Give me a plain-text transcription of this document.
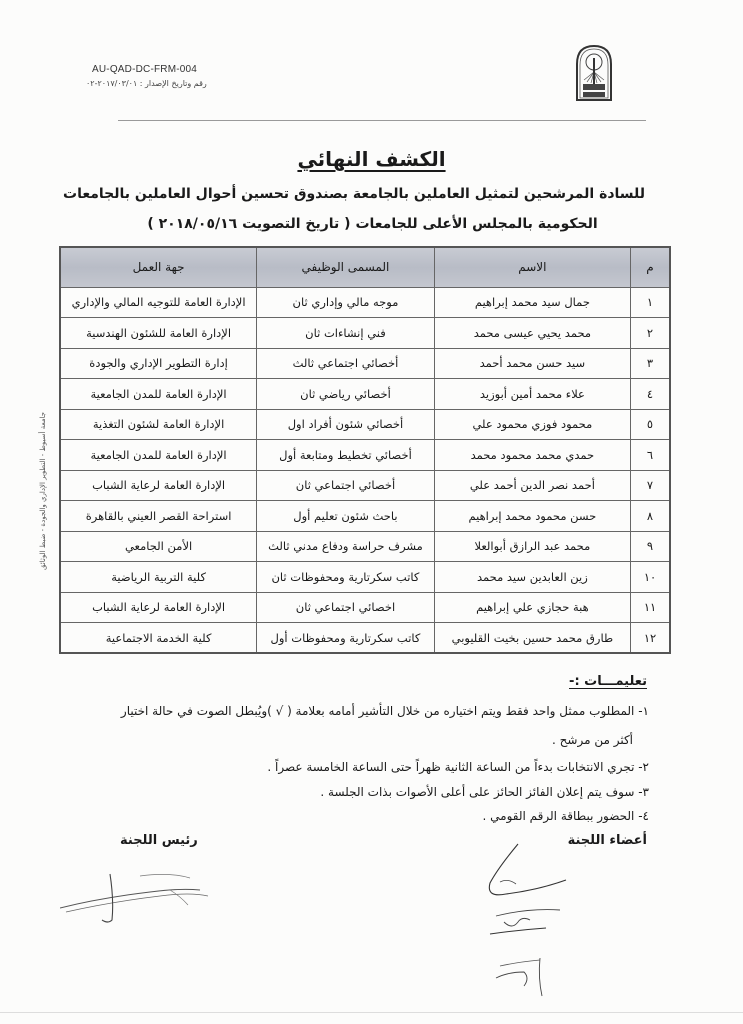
AU-QAD-DC-FRM-004
رقم وتاريخ الإصدار : ٢٠١٧/٠٣/٠١-٠٢
الكشف النهائي
للسادة المرشحين لتمثيل العاملين بالجامعة بصندوق تحسين أحوال العاملين بالجامعات
الحكومية بالمجلس الأعلى للجامعات ( تاريخ التصويت ٢٠١٨/٠٥/١٦ )
جامعة أسيوط - التطوير الإداري والجودة - ضبط الوثائق
م	الاسم	المسمى الوظيفي	جهة العمل
١	جمال سيد محمد إبراهيم	موجه مالي وإداري ثان	الإدارة العامة للتوجيه المالي والإداري
٢	محمد يحيي عيسى محمد	فني إنشاءات ثان	الإدارة العامة للشئون الهندسية
٣	سيد حسن محمد أحمد	أخصائي اجتماعي ثالث	إدارة التطوير الإداري والجودة
٤	علاء محمد أمين أبوزيد	أخصائي رياضي ثان	الإدارة العامة للمدن الجامعية
٥	محمود فوزي محمود علي	أخصائي شئون أفراد اول	الإدارة العامة لشئون التغذية
٦	حمدي محمد محمود محمد	أخصائي تخطيط ومتابعة أول	الإدارة العامة للمدن الجامعية
٧	أحمد نصر الدين أحمد علي	أخصائي اجتماعي ثان	الإدارة العامة لرعاية الشباب
٨	حسن محمود محمد إبراهيم	باحث شئون تعليم أول	استراحة القصر العيني بالقاهرة
٩	محمد عبد الرازق أبوالعلا	مشرف حراسة ودفاع مدني ثالث	الأمن الجامعي
١٠	زين العابدين سيد محمد	كاتب سكرتارية ومحفوظات ثان	كلية التربية الرياضية
١١	هبة حجازي علي إبراهيم	اخصائي اجتماعي ثان	الإدارة العامة لرعاية الشباب
١٢	طارق محمد حسين بخيت القليوبي	كاتب سكرتارية ومحفوظات أول	كلية الخدمة الاجتماعية
تعليمـــات :-
١- المطلوب ممثل واحد فقط ويتم اختياره من خلال التأشير أمامه بعلامة ( √ )ويُبطل الصوت في حالة اختيار
أكثر من مرشح .
٢- تجري الانتخابات بدءاً من الساعة الثانية ظهراً حتى الساعة الخامسة عصراً .
٣- سوف يتم إعلان الفائز الحائز على أعلى الأصوات بذات الجلسة .
٤- الحضور ببطاقة الرقم القومي .
أعضاء اللجنة
رئيس اللجنة
